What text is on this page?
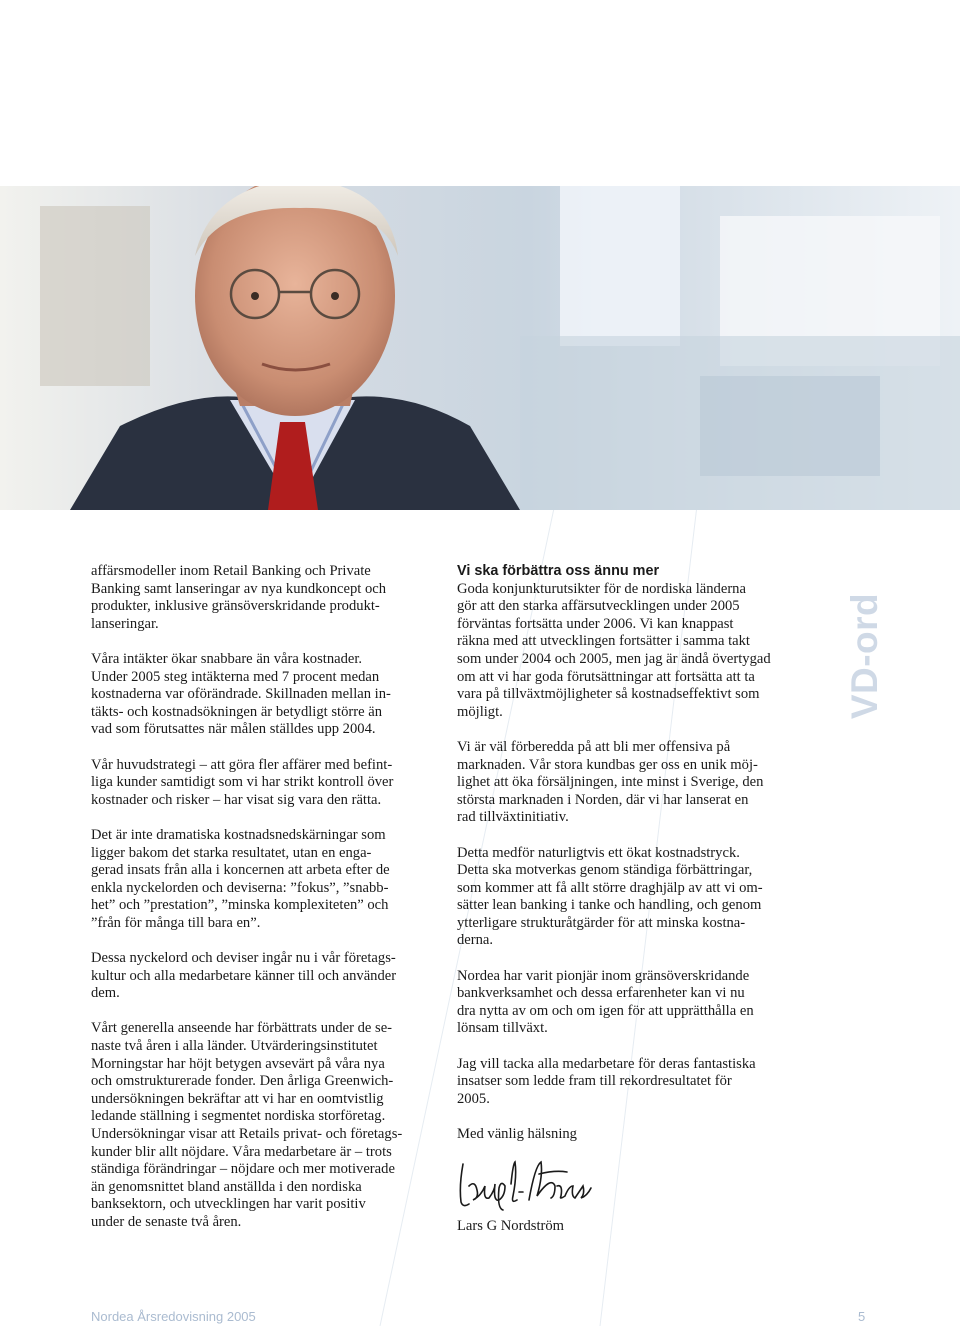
affärsmodeller inom Retail Banking och Private
Banking samt lanseringar av nya kundkoncept och
produkter, inklusive gränsöverskridande produkt-
lanseringar.

Våra intäkter ökar snabbare än våra kostnader.
Under 2005 steg intäkterna med 7 procent medan
kostnaderna var oförändrade. Skillnaden mellan in-
täkts- och kostnadsökningen är betydligt större än
vad som förutsattes när målen ställdes upp 2004.

Vår huvudstrategi – att göra fler affärer med befint-
liga kunder samtidigt som vi har strikt kontroll över
kostnader och risker – har visat sig vara den rätta.

Det är inte dramatiska kostnadsnedskärningar som
ligger bakom det starka resultatet, utan en enga-
gerad insats från alla i koncernen att arbeta efter de
enkla nyckelorden och deviserna: ”fokus”, ”snabb-
het” och ”prestation”, ”minska komplexiteten” och
”från för många till bara en”.

Dessa nyckelord och deviser ingår nu i vår företags-
kultur och alla medarbetare känner till och använder
dem.

Vårt generella anseende har förbättrats under de se-
naste två åren i alla länder. Utvärderingsinstitutet
Morningstar har höjt betygen avsevärt på våra nya
och omstrukturerade fonder. Den årliga Greenwich-
undersökningen bekräftar att vi har en oomtvistlig
ledande ställning i segmentet nordiska storföretag.
Undersökningar visar att Retails privat- och företags-
kunder blir allt nöjdare. Våra medarbetare är – trots
ständiga förändringar – nöjdare och mer motiverade
än genomsnittet bland anställda i den nordiska
banksektorn, och utvecklingen har varit positiv
under de senaste två åren.

Vi ska förbättra oss ännu mer

Goda konjunkturutsikter för de nordiska länderna
gör att den starka affärsutvecklingen under 2005
förväntas fortsätta under 2006. Vi kan knappast
räkna med att utvecklingen fortsätter i samma takt
som under 2004 och 2005, men jag är ändå övertygad
om att vi har goda förutsättningar att fortsätta att ta
vara på tillväxtmöjligheter så kostnadseffektivt som
möjligt.

Vi är väl förberedda på att bli mer offensiva på
marknaden. Vår stora kundbas ger oss en unik möj-
lighet att öka försäljningen, inte minst i Sverige, den
största marknaden i Norden, där vi har lanserat en
rad tillväxtinitiativ.

Detta medför naturligtvis ett ökat kostnadstryck.
Detta ska motverkas genom ständiga förbättringar,
som kommer att få allt större draghjälp av att vi om-
sätter lean banking i tanke och handling, och genom
ytterligare strukturåtgärder för att minska kostna-
derna.

Nordea har varit pionjär inom gränsöverskridande
bankverksamhet och dessa erfarenheter kan vi nu
dra nytta av om och om igen för att upprätthålla en
lönsam tillväxt.

Jag vill tacka alla medarbetare för deras fantastiska
insatser som ledde fram till rekordresultatet för
2005.

Med vänlig hälsning

VD-ord
Lars G Nordström
Nordea Årsredovisning 2005	5
